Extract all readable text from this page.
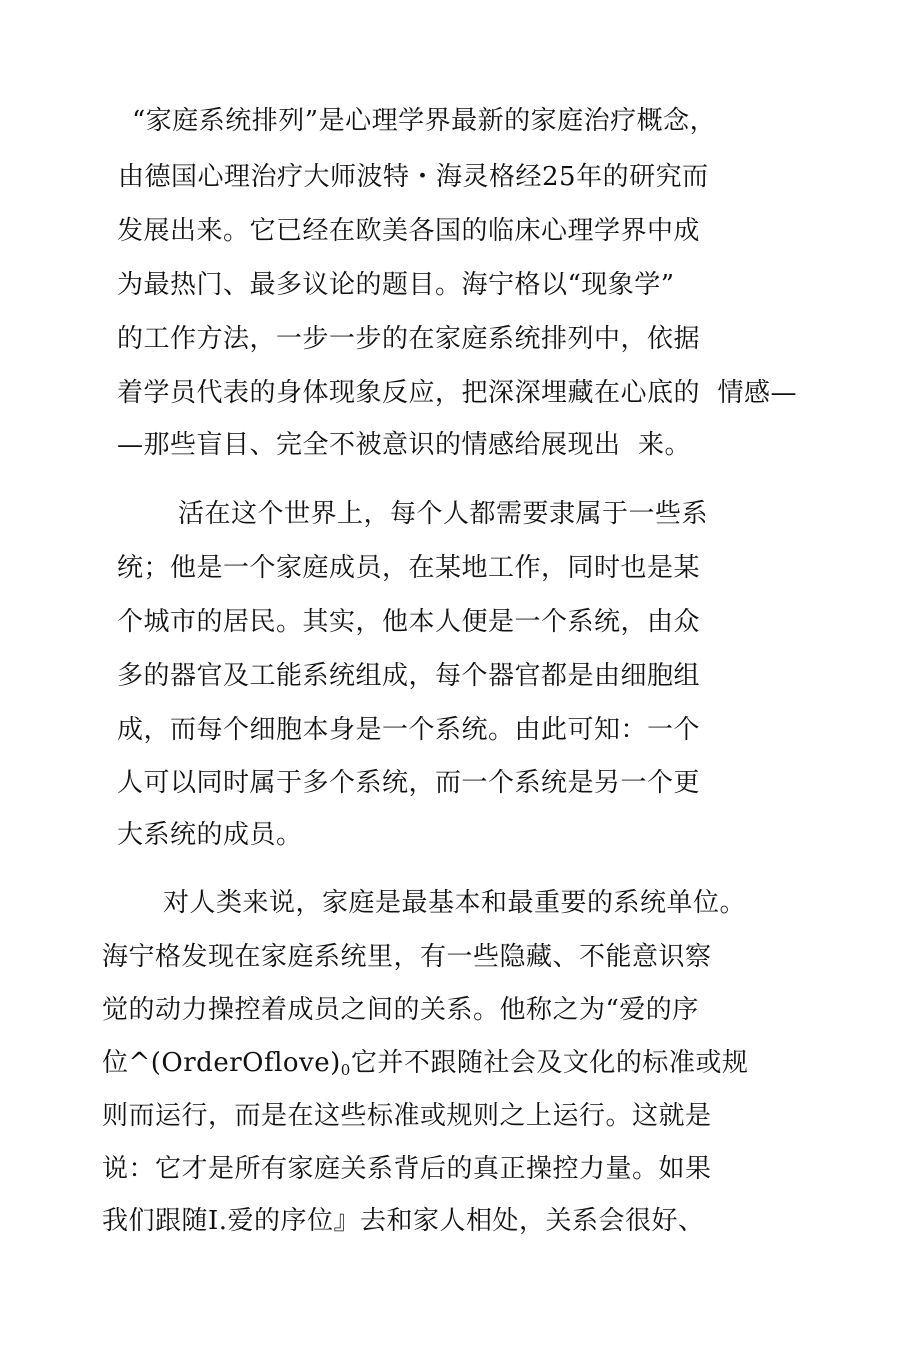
“家庭系统排列”是心理学界最新的家庭治疗概念，
由德国心理治疗大师波特・海灵格经25年的研究而
发展出来。它已经在欧美各国的临床心理学界中成
为最热门、最多议论的题目。海宁格以“现象学”
的工作方法，一步一步的在家庭系统排列中，依据
着学员代表的身体现象反应，把深深埋藏在心底的  情感—
—那些盲目、完全不被意识的情感给展现出  来。
活在这个世界上，每个人都需要隶属于一些系
统；他是一个家庭成员，在某地工作，同时也是某
个城市的居民。其实，他本人便是一个系统，由众
多的器官及工能系统组成，每个器官都是由细胞组
成，而每个细胞本身是一个系统。由此可知：一个
人可以同时属于多个系统，而一个系统是另一个更
大系统的成员。
对人类来说，家庭是最基本和最重要的系统单位。
海宁格发现在家庭系统里，有一些隐藏、不能意识察
觉的动力操控着成员之间的关系。他称之为“爱的序
位$\^{}(OrderOflove)_0$它并不跟随社会及文化的标准或规
则而运行，而是在这些标准或规则之上运行。这就是
说：它才是所有家庭关系背后的真正操控力量。如果
我们跟随I.爱的序位』去和家人相处，关系会很好、
